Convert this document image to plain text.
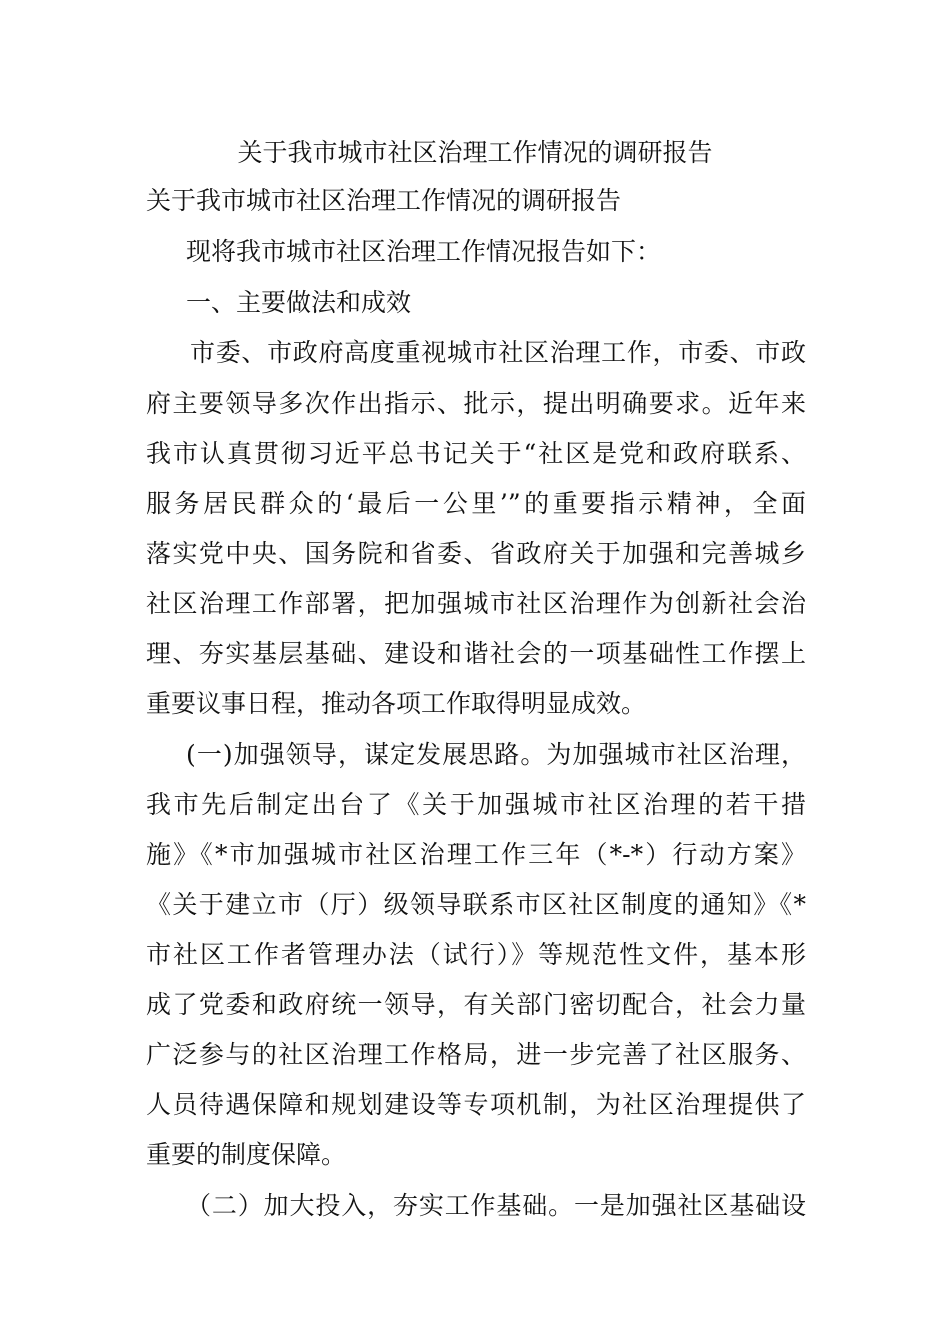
关于我市城市社区治理工作情况的调研报告
关于我市城市社区治理工作情况的调研报告
现将我市城市社区治理工作情况报告如下：
一、主要做法和成效
市委、市政府高度重视城市社区治理工作，市委、市政
府主要领导多次作出指示、批示，提出明确要求。近年来
我市认真贯彻习近平总书记关于“社区是党和政府联系、
服务居民群众的‘最后一公里’”的重要指示精神，全面
落实党中央、国务院和省委、省政府关于加强和完善城乡
社区治理工作部署，把加强城市社区治理作为创新社会治
理、夯实基层基础、建设和谐社会的一项基础性工作摆上
重要议事日程，推动各项工作取得明显成效。
(一)加强领导，谋定发展思路。为加强城市社区治理，
我市先后制定出台了《关于加强城市社区治理的若干措
施》《*市加强城市社区治理工作三年（*-*）行动方案》
《关于建立市（厅）级领导联系市区社区制度的通知》《*
市社区工作者管理办法（试行）》等规范性文件，基本形
成了党委和政府统一领导，有关部门密切配合，社会力量
广泛参与的社区治理工作格局，进一步完善了社区服务、
人员待遇保障和规划建设等专项机制，为社区治理提供了
重要的制度保障。
（二）加大投入，夯实工作基础。一是加强社区基础设
